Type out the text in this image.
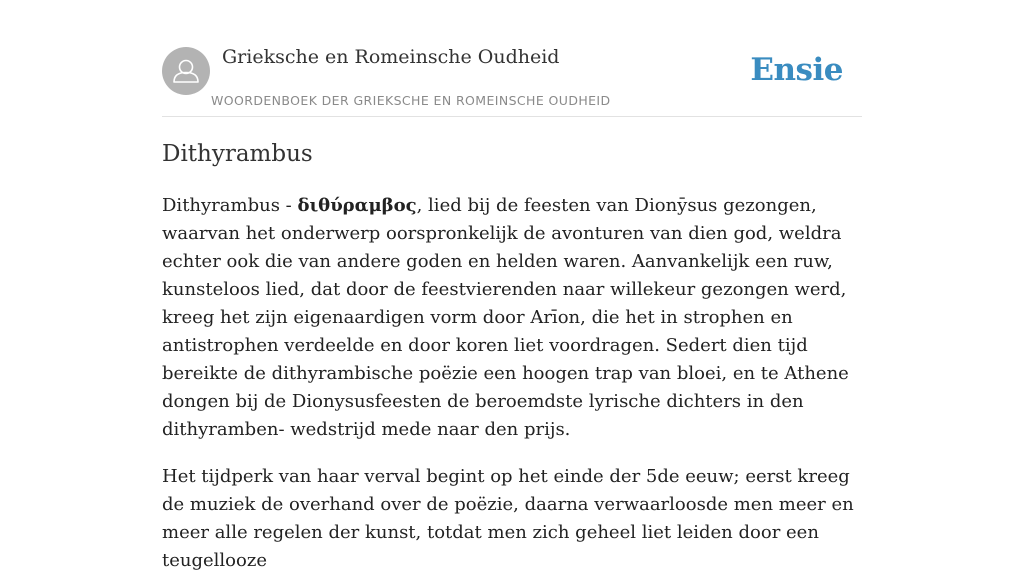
Grieksche en Romeinsche Oudheid
WOORDENBOEK DER GRIEKSCHE EN ROMEINSCHE OUDHEID
Ensie
Dithyrambus

Dithyrambus - διθύραμβος, lied bij de feesten van Dionȳsus gezongen, waarvan het onderwerp oorspronkelijk de avonturen van dien god, weldra echter ook die van andere goden en helden waren. Aanvankelijk een ruw, kunsteloos lied, dat door de feestvierenden naar willekeur gezongen werd, kreeg het zijn eigenaardigen vorm door Arīon, die het in strophen en antistrophen verdeelde en door koren liet voordragen. Sedert dien tijd bereikte de dithyrambische poëzie een hoogen trap van bloei, en te Athene dongen bij de Dionysusfeesten de beroemdste lyrische dichters in den dithyramben- wedstrijd mede naar den prijs.

Het tijdperk van haar verval begint op het einde der 5de eeuw; eerst kreeg de muziek de overhand over de poëzie, daarna verwaarloosde men meer en meer alle regelen der kunst, totdat men zich geheel liet leiden door een teugellooze
